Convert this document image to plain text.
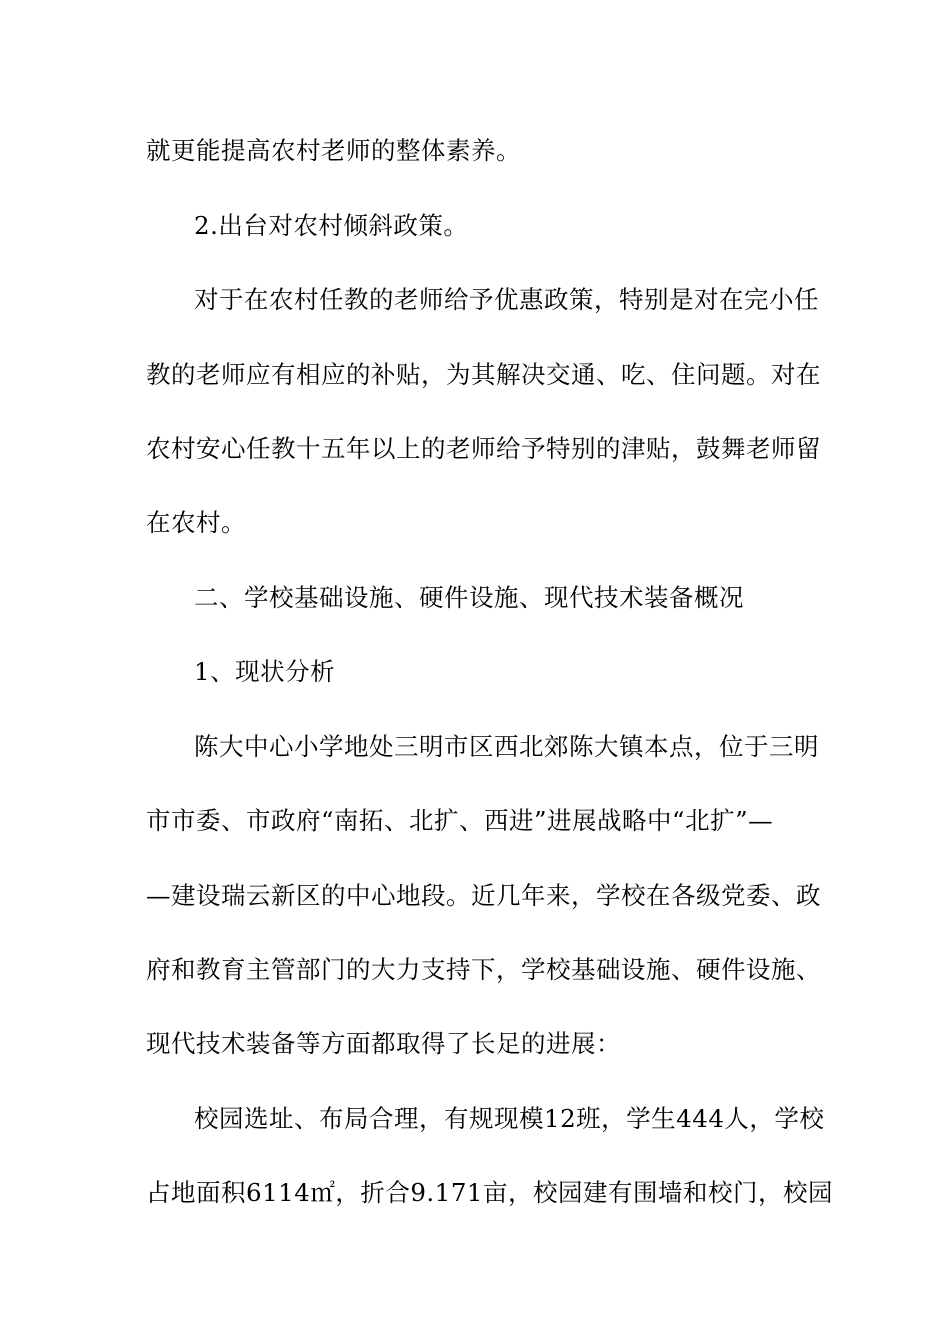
就更能提高农村老师的整体素养。
2.出台对农村倾斜政策。
对于在农村任教的老师给予优惠政策，特别是对在完小任
教的老师应有相应的补贴，为其解决交通、吃、住问题。对在
农村安心任教十五年以上的老师给予特别的津贴，鼓舞老师留
在农村。
二、学校基础设施、硬件设施、现代技术装备概况
1、现状分析
陈大中心小学地处三明市区西北郊陈大镇本点，位于三明
市市委、市政府“南拓、北扩、西进”进展战略中“北扩”—
—建设瑞云新区的中心地段。近几年来，学校在各级党委、政
府和教育主管部门的大力支持下，学校基础设施、硬件设施、
现代技术装备等方面都取得了长足的进展：
校园选址、布局合理，有规现模12班，学生444人，学校
占地面积6114㎡，折合9.171亩，校园建有围墙和校门，校园
